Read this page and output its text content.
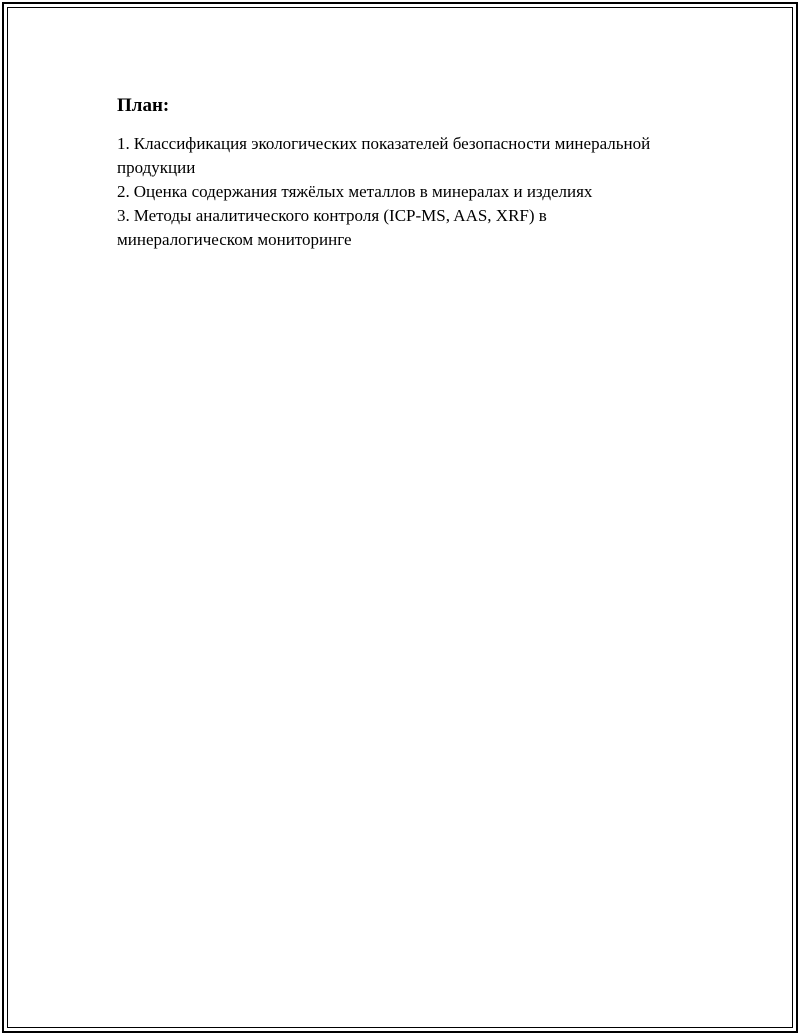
План:
1. Классификация экологических показателей безопасности минеральной продукции
2. Оценка содержания тяжёлых металлов в минералах и изделиях
3. Методы аналитического контроля (ICP-MS, AAS, XRF) в минералогическом мониторинге
